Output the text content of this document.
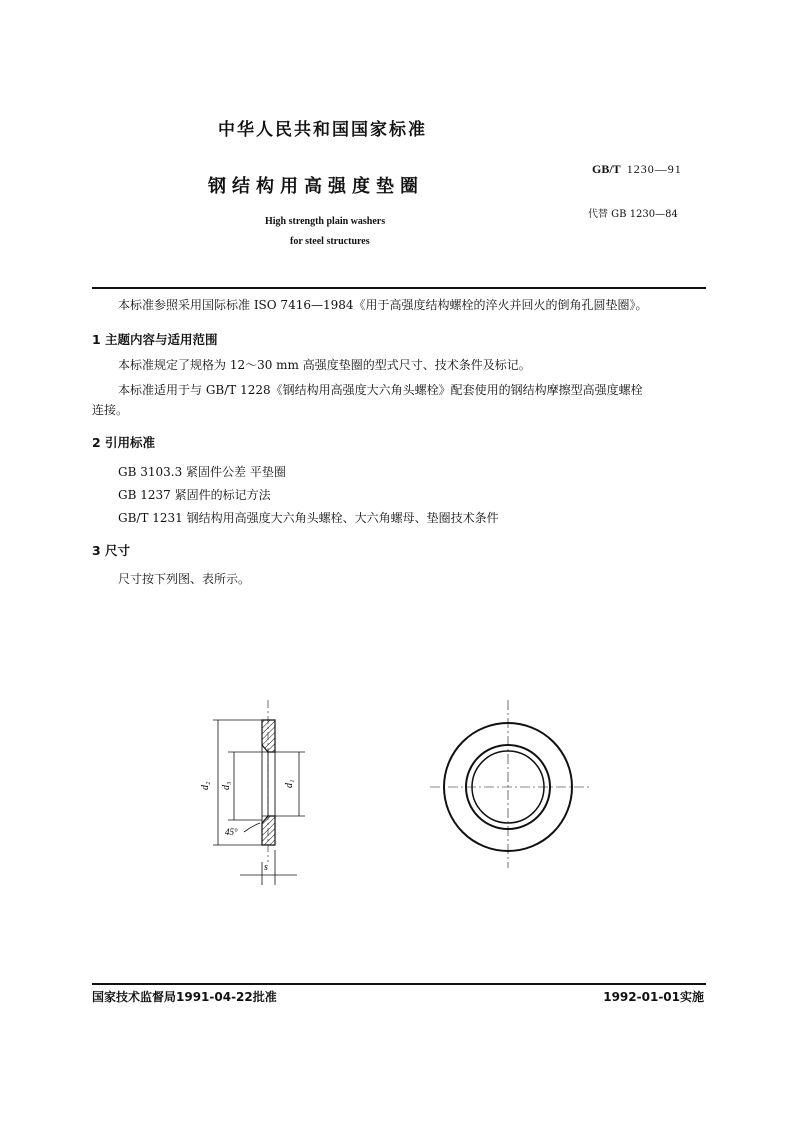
中华人民共和国国家标准
钢结构用高强度垫圈
High strength plain washers
for steel structures
GB/T 1230—91
代替 GB 1230—84
本标准参照采用国际标准 ISO 7416—1984《用于高强度结构螺栓的淬火并回火的倒角孔圆垫圈》。
1 主题内容与适用范围
本标准规定了规格为 12～30 mm 高强度垫圈的型式尺寸、技术条件及标记。
本标准适用于与 GB/T 1228《钢结构用高强度大六角头螺栓》配套使用的钢结构摩擦型高强度螺栓
连接。
2 引用标准
GB 3103.3 紧固件公差 平垫圈
GB 1237 紧固件的标记方法
GB/T 1231 钢结构用高强度大六角头螺栓、大六角螺母、垫圈技术条件
3 尺寸
尺寸按下列图、表所示。
d₂ d₃	d₁
45°
s
国家技术监督局1991-04-22批准	1992-01-01实施
